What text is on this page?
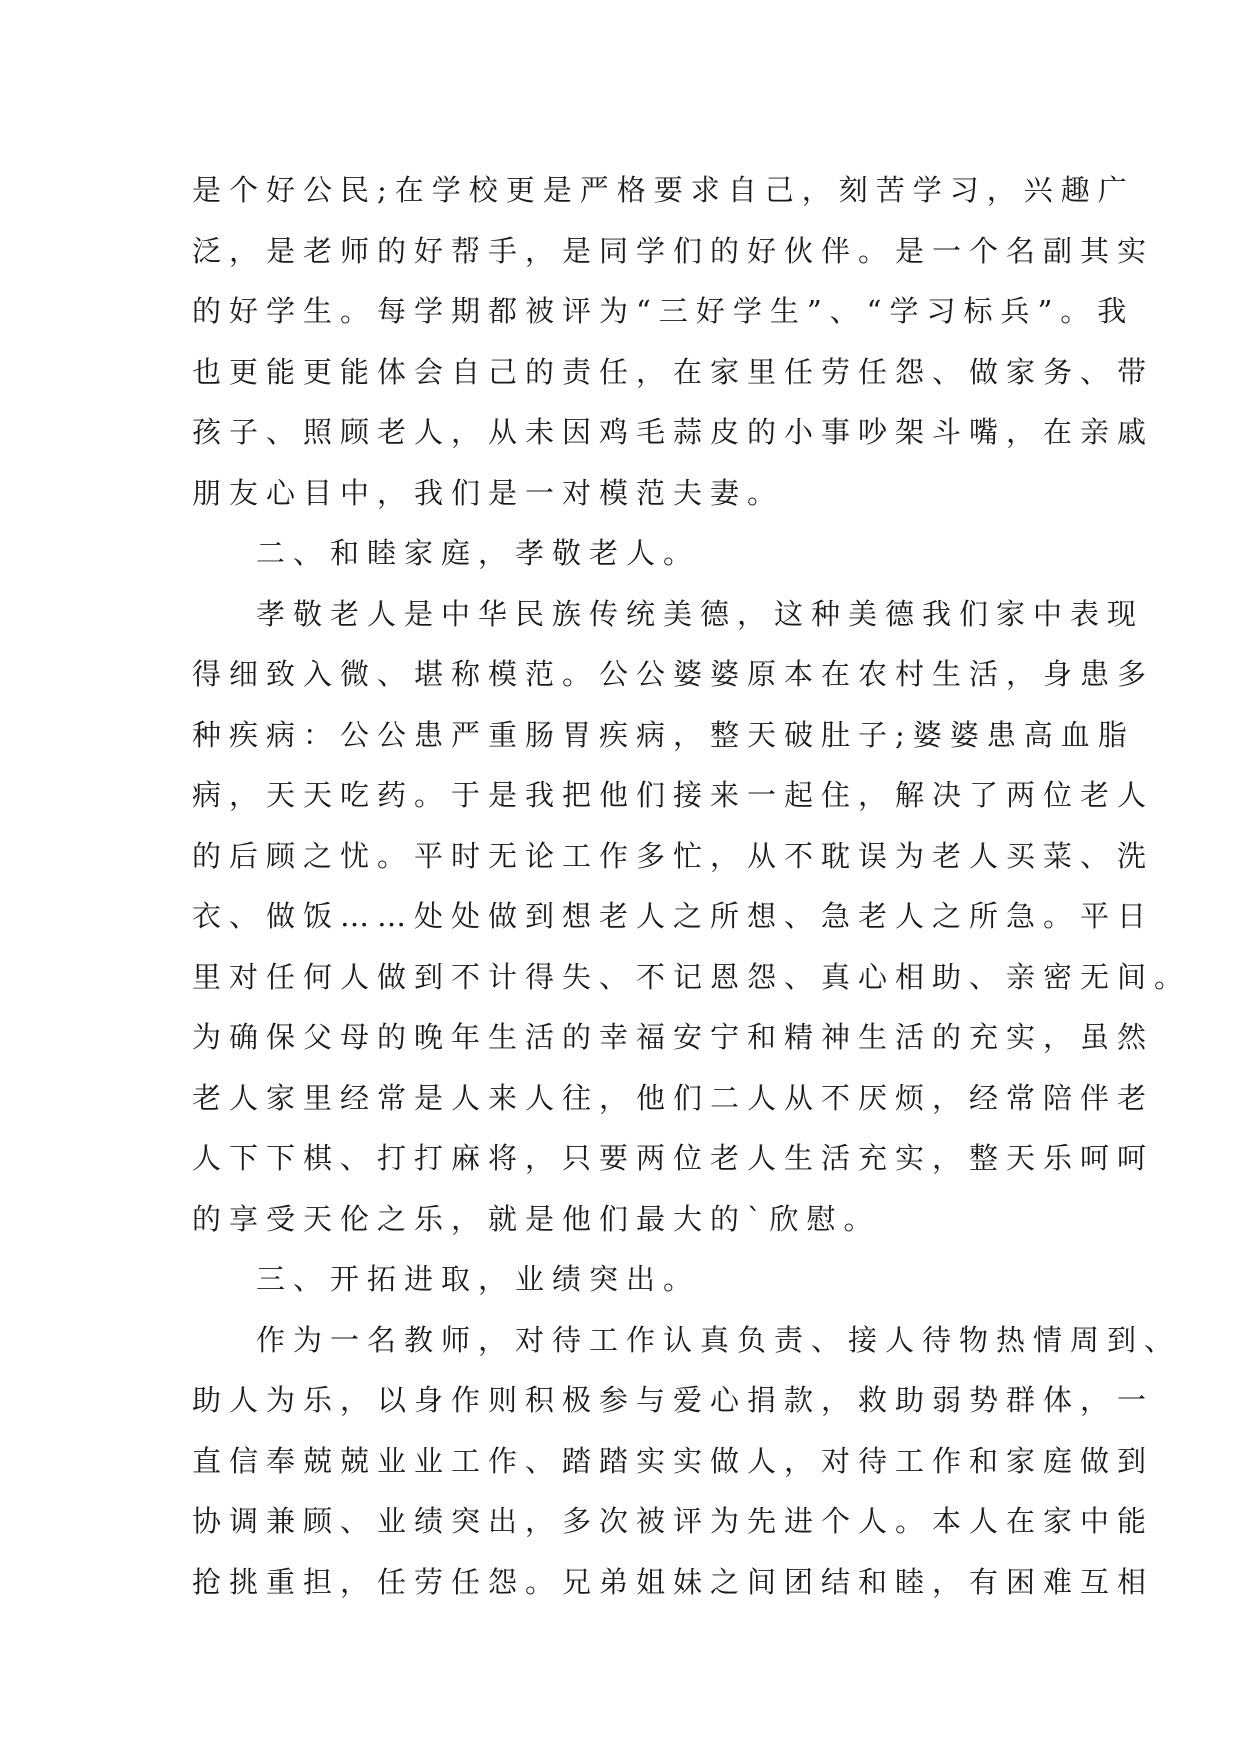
是个好公民;在学校更是严格要求自己，刻苦学习，兴趣广
泛，是老师的好帮手，是同学们的好伙伴。是一个名副其实
的好学生。每学期都被评为“三好学生”、“学习标兵”。我
也更能更能体会自己的责任，在家里任劳任怨、做家务、带
孩子、照顾老人，从未因鸡毛蒜皮的小事吵架斗嘴，在亲戚
朋友心目中，我们是一对模范夫妻。
二、和睦家庭，孝敬老人。
孝敬老人是中华民族传统美德，这种美德我们家中表现
得细致入微、堪称模范。公公婆婆原本在农村生活，身患多
种疾病：公公患严重肠胃疾病，整天破肚子;婆婆患高血脂
病，天天吃药。于是我把他们接来一起住，解决了两位老人
的后顾之忧。平时无论工作多忙，从不耽误为老人买菜、洗
衣、做饭……处处做到想老人之所想、急老人之所急。平日
里对任何人做到不计得失、不记恩怨、真心相助、亲密无间。
为确保父母的晚年生活的幸福安宁和精神生活的充实，虽然
老人家里经常是人来人往，他们二人从不厌烦，经常陪伴老
人下下棋、打打麻将，只要两位老人生活充实，整天乐呵呵
的享受天伦之乐，就是他们最大的`欣慰。
三、开拓进取，业绩突出。
作为一名教师，对待工作认真负责、接人待物热情周到、
助人为乐，以身作则积极参与爱心捐款，救助弱势群体，一
直信奉兢兢业业工作、踏踏实实做人，对待工作和家庭做到
协调兼顾、业绩突出，多次被评为先进个人。本人在家中能
抢挑重担，任劳任怨。兄弟姐妹之间团结和睦，有困难互相
